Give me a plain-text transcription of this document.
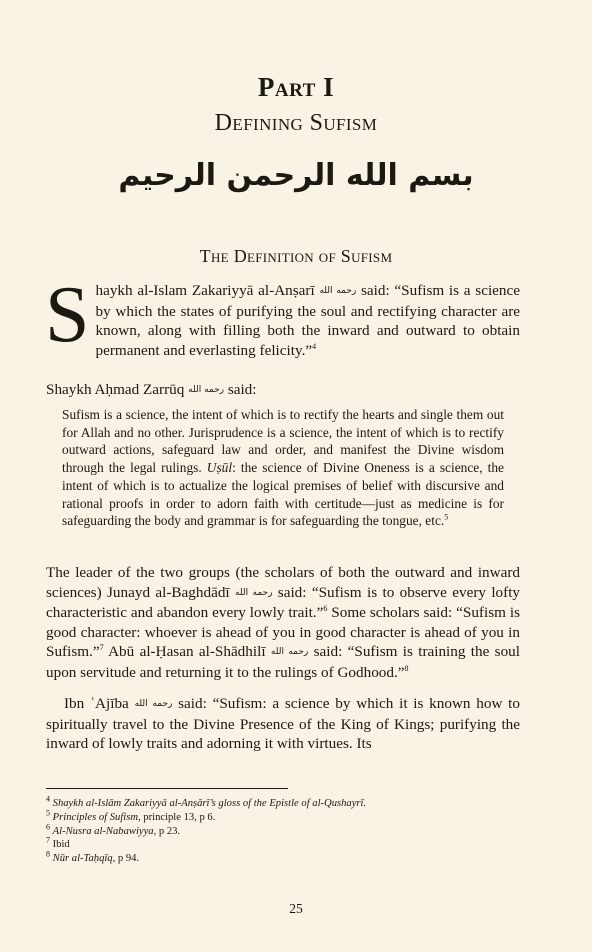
Part I
Defining Sufism
بسم الله الرحمن الرحيم
The Definition of Sufism
Shaykh al-Islam Zakariyyā al-Anṣarī رحمه الله said: “Sufism is a science by which the states of purifying the soul and rectifying character are known, along with filling both the inward and outward to obtain permanent and everlasting felicity.”$^4$
Shaykh Aḥmad Zarrūq رحمه الله said:
Sufism is a science, the intent of which is to rectify the hearts and single them out for Allah and no other. Jurisprudence is a science, the intent of which is to rectify outward actions, safeguard law and order, and manifest the Divine wisdom through the legal rulings. Uṣūl: the science of Divine Oneness is a science, the intent of which is to actualize the logical premises of belief with discursive and rational proofs in order to adorn faith with certitude—just as medicine is for safeguarding the body and grammar is for safeguarding the tongue, etc.$^5$
The leader of the two groups (the scholars of both the outward and inward sciences) Junayd al-Baghdādī رحمه الله said: “Sufism is to observe every lofty characteristic and abandon every lowly trait.”$^6$ Some scholars said: “Sufism is good character: whoever is ahead of you in good character is ahead of you in Sufism.”$^7$ Abū al-Ḥasan al-Shādhilī رحمه الله said: “Sufism is training the soul upon servitude and returning it to the rulings of Godhood.”$^8$
Ibn ʿAjība رحمه الله said: “Sufism: a science by which it is known how to spiritually travel to the Divine Presence of the King of Kings; purifying the inward of lowly traits and adorning it with virtues. Its
$^4$ Shaykh al-Islām Zakariyyā al-Anṣārī’s gloss of the Epistle of al-Qushayrī.
$^5$ Principles of Sufism, principle 13, p 6.
$^6$ Al-Nusra al-Nabawiyya, p 23.
$^7$ Ibid
$^8$ Nūr al-Taḥqīq, p 94.
25
